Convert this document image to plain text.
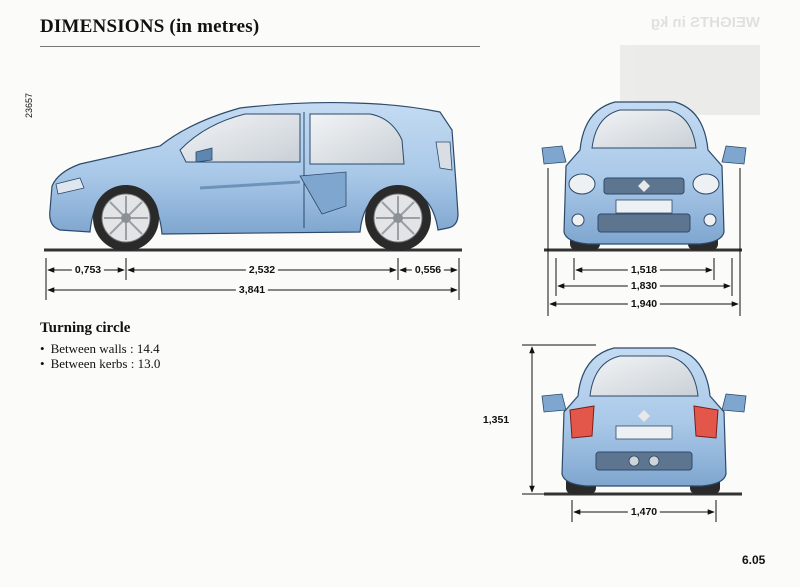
DIMENSIONS (in metres)	WEIGHTS in kg
23657
0,753	2,532	0,556
3,841
1,518
1,830
1,940
1,351
1,470
Turning circle
• Between walls : 14.4
• Between kerbs : 13.0
6.05
